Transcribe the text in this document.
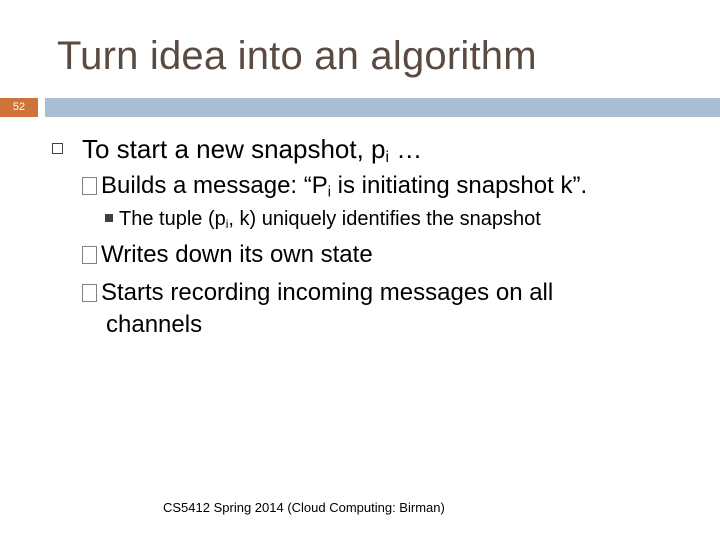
Turn idea into an algorithm
52
To start a new snapshot, $p_i$ …
Builds a message: “$P_i$ is initiating snapshot k”.
The tuple ($p_i$, k) uniquely identifies the snapshot
Writes down its own state
Starts recording incoming messages on all
channels
CS5412 Spring 2014 (Cloud Computing: Birman)
